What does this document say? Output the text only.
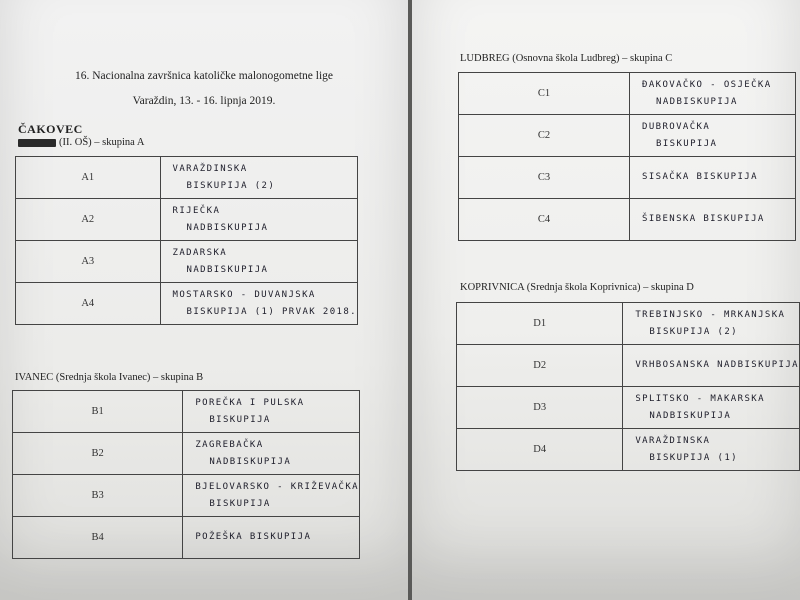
16. Nacionalna završnica katoličke malonogometne lige
Varaždin, 13. - 16. lipnja 2019.
ČAKOVEC
(II. OŠ) – skupina A
A1	VARAŽDINSKA
BISKUPIJA (2)

A2	RIJEČKA
NADBISKUPIJA

A3	ZADARSKA
NADBISKUPIJA

A4	MOSTARSKO - DUVANJSKA
BISKUPIJA (1) PRVAK 2018.
IVANEC (Srednja škola Ivanec) – skupina B
B1	POREČKA I PULSKA
BISKUPIJA

B2	ZAGREBAČKA
NADBISKUPIJA

B3	BJELOVARSKO - KRIŽEVAČKA
BISKUPIJA

B4	POŽEŠKA BISKUPIJA
LUDBREG (Osnovna škola Ludbreg) – skupina C
C1	ĐAKOVAČKO - OSJEČKA
NADBISKUPIJA

C2	DUBROVAČKA
BISKUPIJA

C3	SISAČKA BISKUPIJA

C4	ŠIBENSKA BISKUPIJA
KOPRIVNICA (Srednja škola Koprivnica) – skupina D
D1	TREBINJSKO - MRKANJSKA
BISKUPIJA (2)

D2	VRHBOSANSKA NADBISKUPIJA

D3	SPLITSKO - MAKARSKA
NADBISKUPIJA

D4	VARAŽDINSKA
BISKUPIJA (1)
